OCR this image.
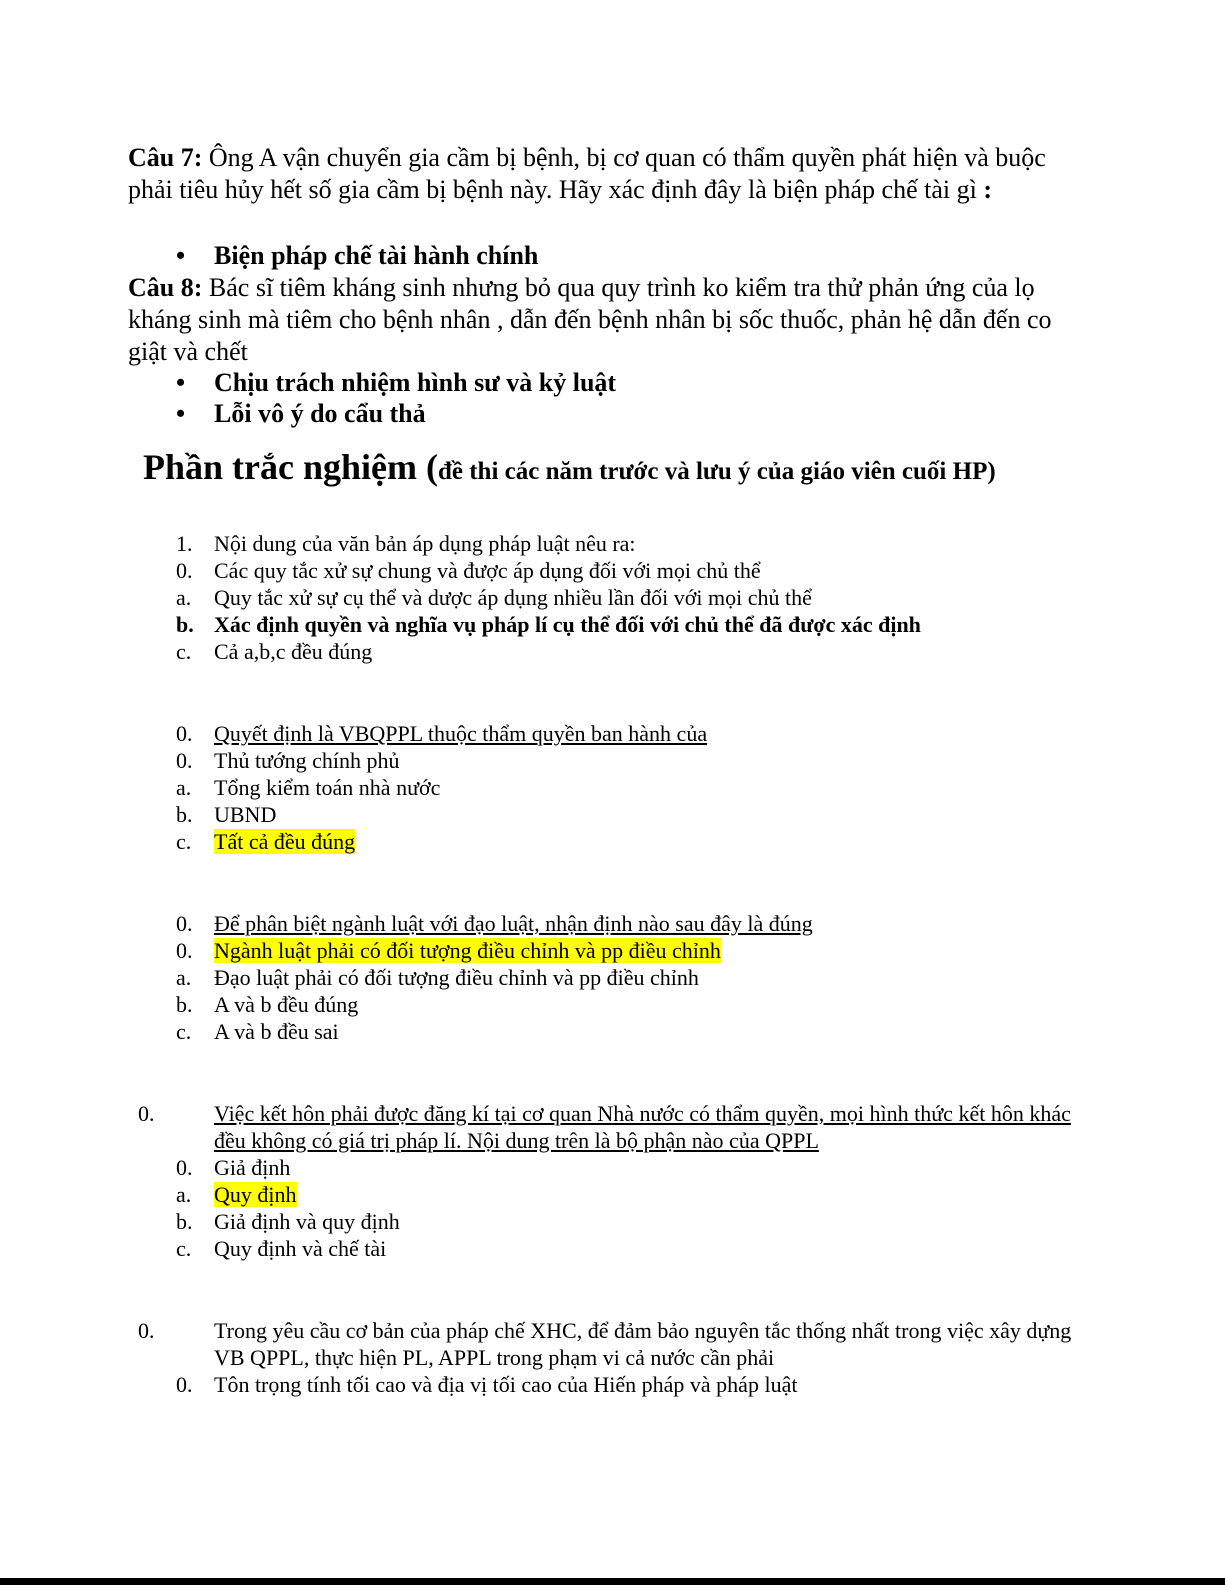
Câu 7: Ông A vận chuyển gia cầm bị bệnh, bị cơ quan có thẩm quyền phát hiện và buộc phải tiêu hủy hết số gia cầm bị bệnh này. Hãy xác định đây là biện pháp chế tài gì :
• Biện pháp chế tài hành chính
Câu 8: Bác sĩ tiêm kháng sinh nhưng bỏ qua quy trình ko kiểm tra thử phản ứng của lọ kháng sinh mà tiêm cho bệnh nhân , dẫn đến bệnh nhân bị sốc thuốc, phản hệ dẫn đến co giật và chết
• Chịu trách nhiệm hình sư và kỷ luật
• Lỗi vô ý do cẩu thả
Phần trắc nghiệm (đề thi các năm trước và lưu ý của giáo viên cuối HP)
1. Nội dung của văn bản áp dụng pháp luật nêu ra:
0. Các quy tắc xử sự chung và được áp dụng đối với mọi chủ thể
a. Quy tắc xử sự cụ thể và dược áp dụng nhiều lần đối với mọi chủ thể
b. Xác định quyền và nghĩa vụ pháp lí cụ thể đối với chủ thể đã được xác định
c. Cả a,b,c đều đúng
0. Quyết định là VBQPPL thuộc thẩm quyền ban hành của
0. Thủ tướng chính phủ
a. Tổng kiểm toán nhà nước
b. UBND
c. Tất cả đều đúng
0. Để phân biệt ngành luật với đạo luật, nhận định nào sau đây là đúng
0. Ngành luật phải có đối tượng điều chỉnh và pp điều chỉnh
a. Đạo luật phải có đối tượng điều chỉnh và pp điều chỉnh
b. A và b đều đúng
c. A và b đều sai
0.	Việc kết hôn phải được đăng kí tại cơ quan Nhà nước có thẩm quyền, mọi hình thức kết hôn khác đều không có giá trị pháp lí. Nội dung trên là bộ phận nào của QPPL
0. Giả định
a. Quy định
b. Giả định và quy định
c. Quy định và chế tài
0.	Trong yêu cầu cơ bản của pháp chế XHC, để đảm bảo nguyên tắc thống nhất trong việc xây dựng VB QPPL, thực hiện PL, APPL trong phạm vi cả nước cần phải
0. Tôn trọng tính tối cao và địa vị tối cao của Hiến pháp và pháp luật
